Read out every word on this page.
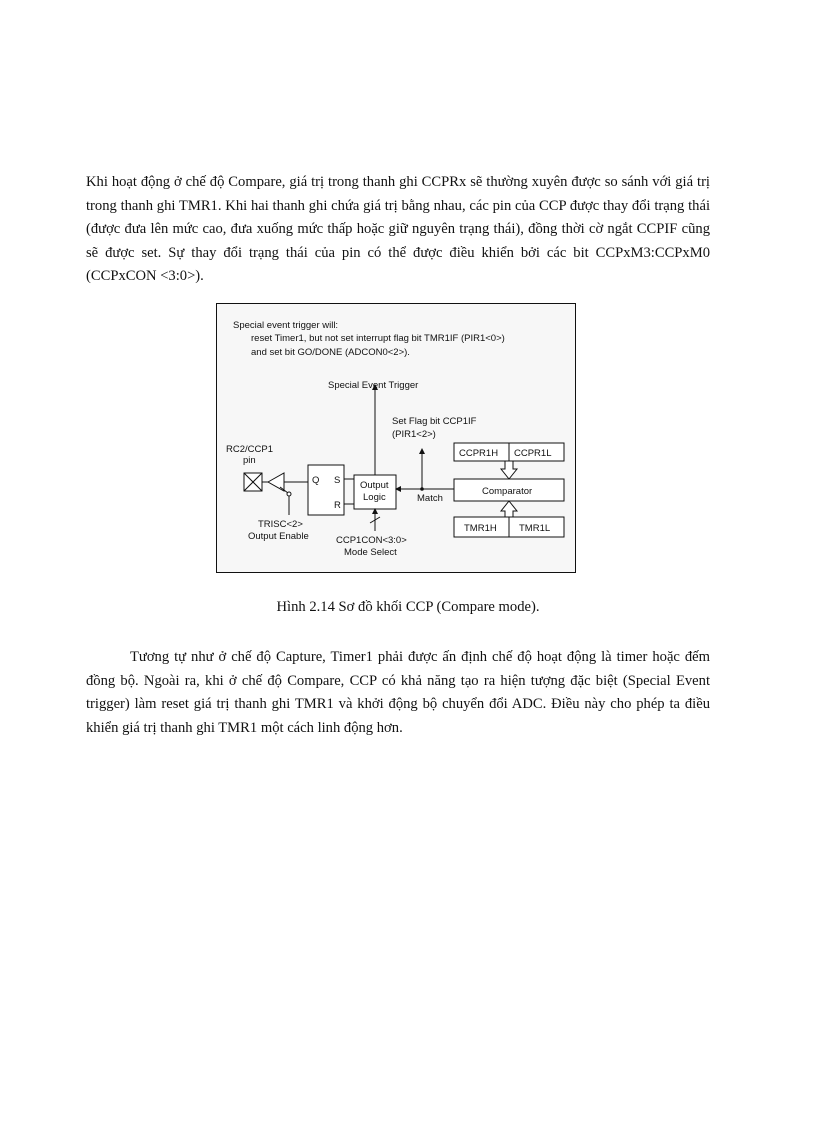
Khi hoạt động ở chế độ Compare, giá trị trong thanh ghi CCPRx sẽ thường xuyên được so sánh với giá trị trong thanh ghi TMR1. Khi hai thanh ghi chứa giá trị bằng nhau, các pin của CCP được thay đổi trạng thái (được đưa lên mức cao, đưa xuống mức thấp hoặc giữ nguyên trạng thái), đồng thời cờ ngắt CCPIF cũng sẽ được set. Sự thay đổi trạng thái của pin có thể được điều khiển bởi các bit CCPxM3:CCPxM0 (CCPxCON <3:0>).

Special event trigger will:
reset Timer1, but not set interrupt flag bit TMR1IF (PIR1<0>)
and set bit GO/DONE (ADCON0<2>).
Special Event Trigger
Set Flag bit CCP1IF
(PIR1<2>)
RC2/CCP1
pin
TRISC<2>
Output Enable
Q S
R
Output
Logic
CCP1CON<3:0>
Mode Select
Match
CCPR1H CCPR1L
Comparator
TMR1H TMR1L

Hình 2.14 Sơ đồ khối CCP (Compare mode).

Tương tự như ở chế độ Capture, Timer1 phải được ấn định chế độ hoạt động là timer hoặc đếm đồng bộ. Ngoài ra, khi ở chế độ Compare, CCP có khả năng tạo ra hiện tượng đặc biệt (Special Event trigger) làm reset giá trị thanh ghi TMR1 và khởi động bộ chuyển đổi ADC. Điều này cho phép ta điều khiển giá trị thanh ghi TMR1 một cách linh động hơn.
